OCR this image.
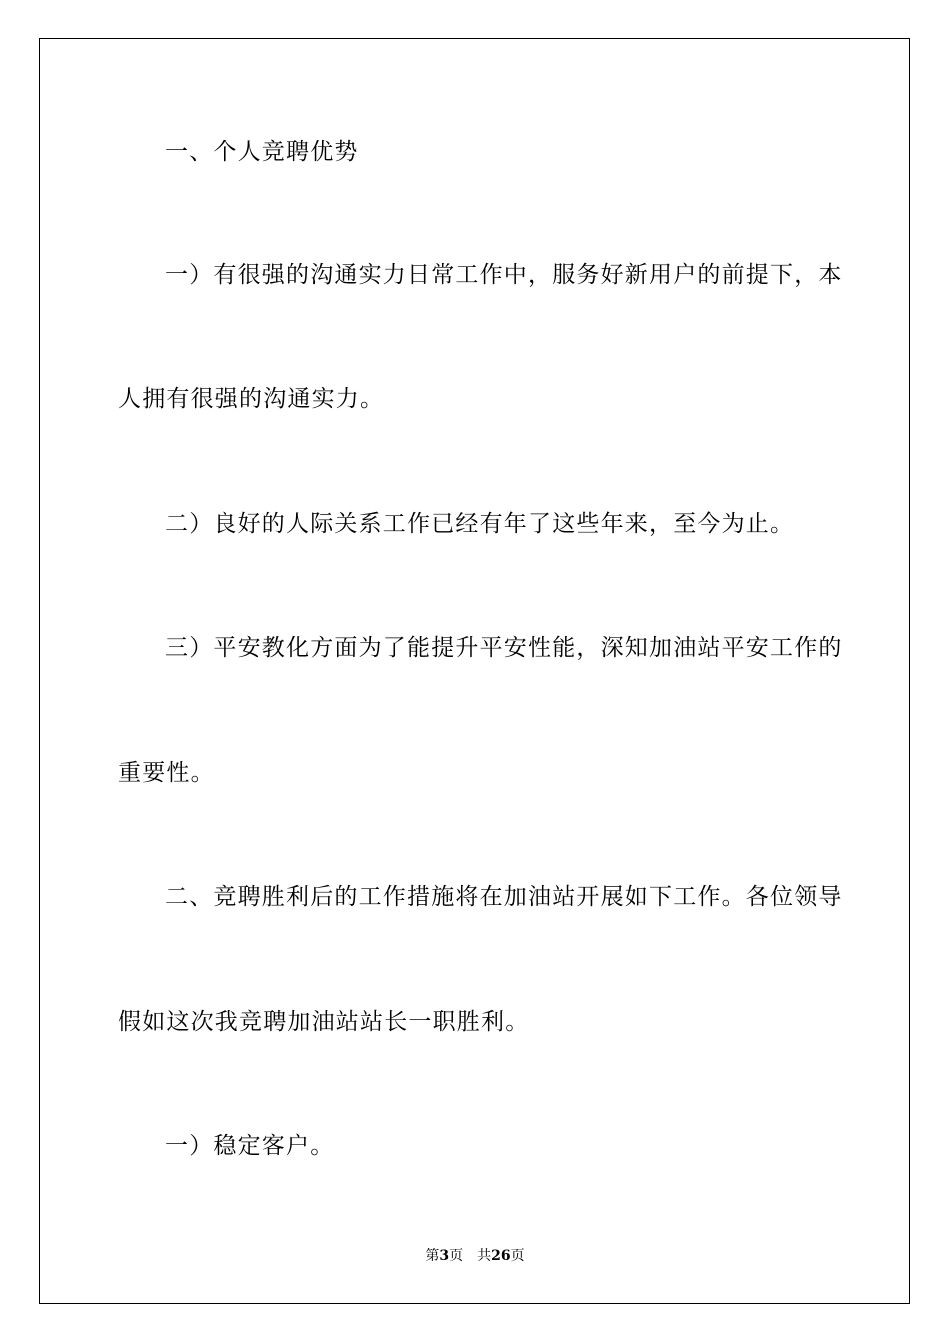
一、个人竞聘优势
一）有很强的沟通实力日常工作中，服务好新用户的前提下，本
人拥有很强的沟通实力。
二）良好的人际关系工作已经有年了这些年来，至今为止。
三）平安教化方面为了能提升平安性能，深知加油站平安工作的
重要性。
二、竞聘胜利后的工作措施将在加油站开展如下工作。各位领导
假如这次我竞聘加油站站长一职胜利。
一）稳定客户。
第3页 共26页
